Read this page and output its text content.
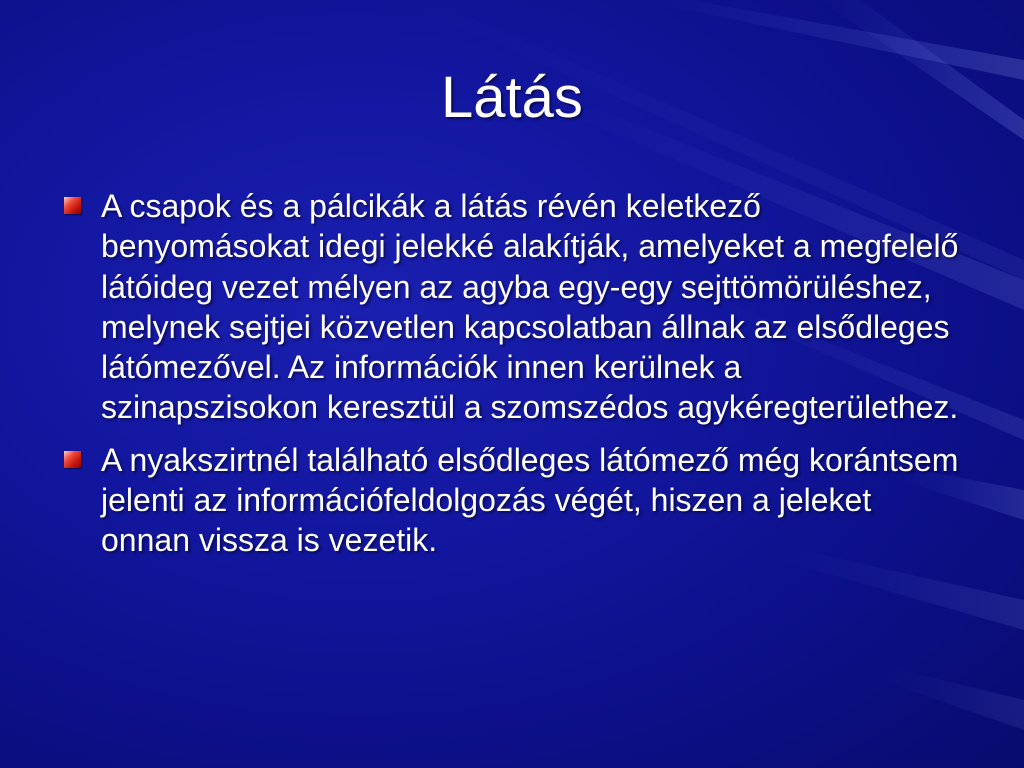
Látás
A csapok és a pálcikák a látás révén keletkező benyomásokat idegi jelekké alakítják, amelyeket a megfelelő látóideg vezet mélyen az agyba egy-egy sejttömörüléshez, melynek sejtjei közvetlen kapcsolatban állnak az elsődleges látómezővel. Az információk innen kerülnek a szinapszisokon keresztül a szomszédos agykéregterülethez.
A nyakszirtnél található elsődleges látómező még korántsem jelenti az információfeldolgozás végét, hiszen a jeleket onnan vissza is vezetik.
